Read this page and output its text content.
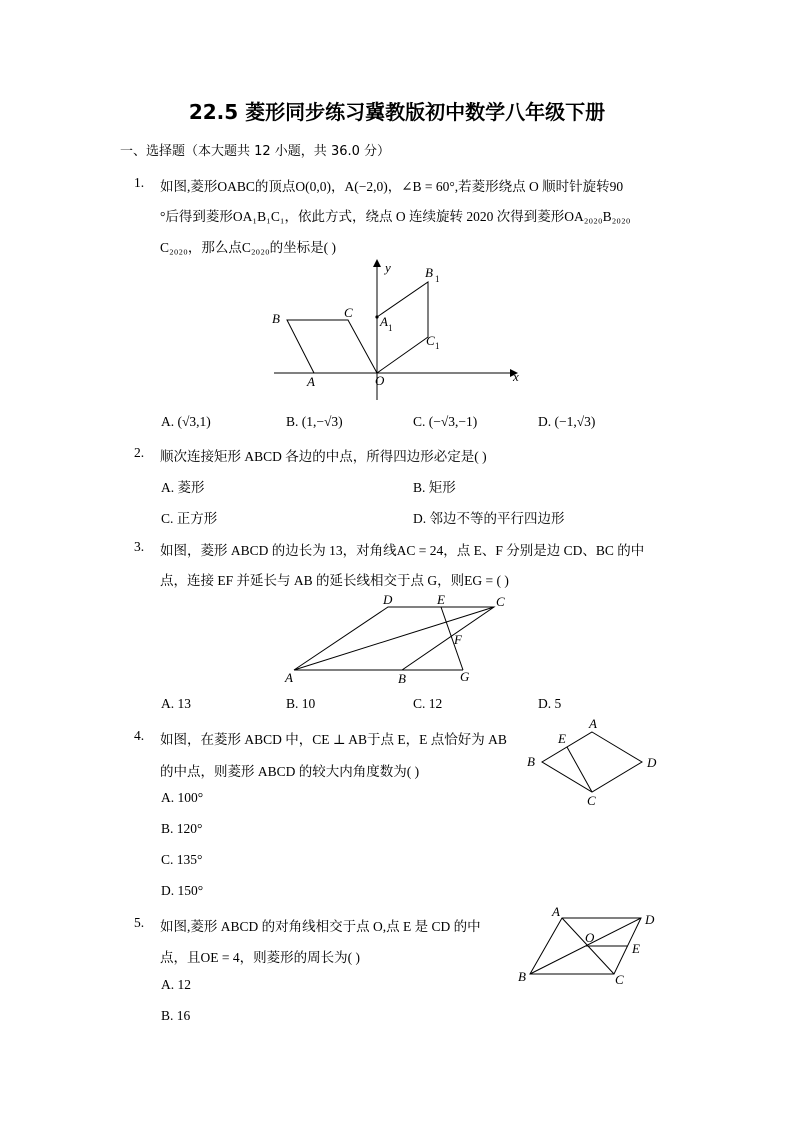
22.5 菱形同步练习冀教版初中数学八年级下册
一、选择题（本大题共 12 小题，共 36.0 分）
1. 如图,菱形OABC的顶点O(0,0)，A(−2,0)，∠B = 60°,若菱形绕点 O 顺时针旋转90
°后得到菱形OA₁B₁C₁，依此方式，绕点 O 连续旋转 2020 次得到菱形OA₂₀₂₀B₂₀₂₀
C₂₀₂₀，那么点C₂₀₂₀的坐标是( )
y	B 1
C
A 1
B
C 1
x
A	O
A. (√3,1)	B. (1,−√3)	C. (−√3,−1)	D. (−1,√3)
2. 顺次连接矩形 ABCD 各边的中点，所得四边形必定是( )
A. 菱形	B. 矩形
C. 正方形	D. 邻边不等的平行四边形
3. 如图，菱形 ABCD 的边长为 13，对角线AC = 24，点 E、F 分别是边 CD、BC 的中
点，连接 EF 并延长与 AB 的延长线相交于点 G，则EG = ( )
D	E	C
F
A	B	G
A. 13	B. 10	C. 12	D. 5
4. 如图，在菱形 ABCD 中，CE ⊥ AB于点 E，E 点恰好为 AB
的中点，则菱形 ABCD 的较大内角度数为( )
A
E
B	D
C
A. 100°
B. 120°
C. 135°
D. 150°
5. 如图,菱形 ABCD 的对角线相交于点 O,点 E 是 CD 的中
点，且OE = 4，则菱形的周长为( )
A
D
O
E
B	C
A. 12
B. 16
